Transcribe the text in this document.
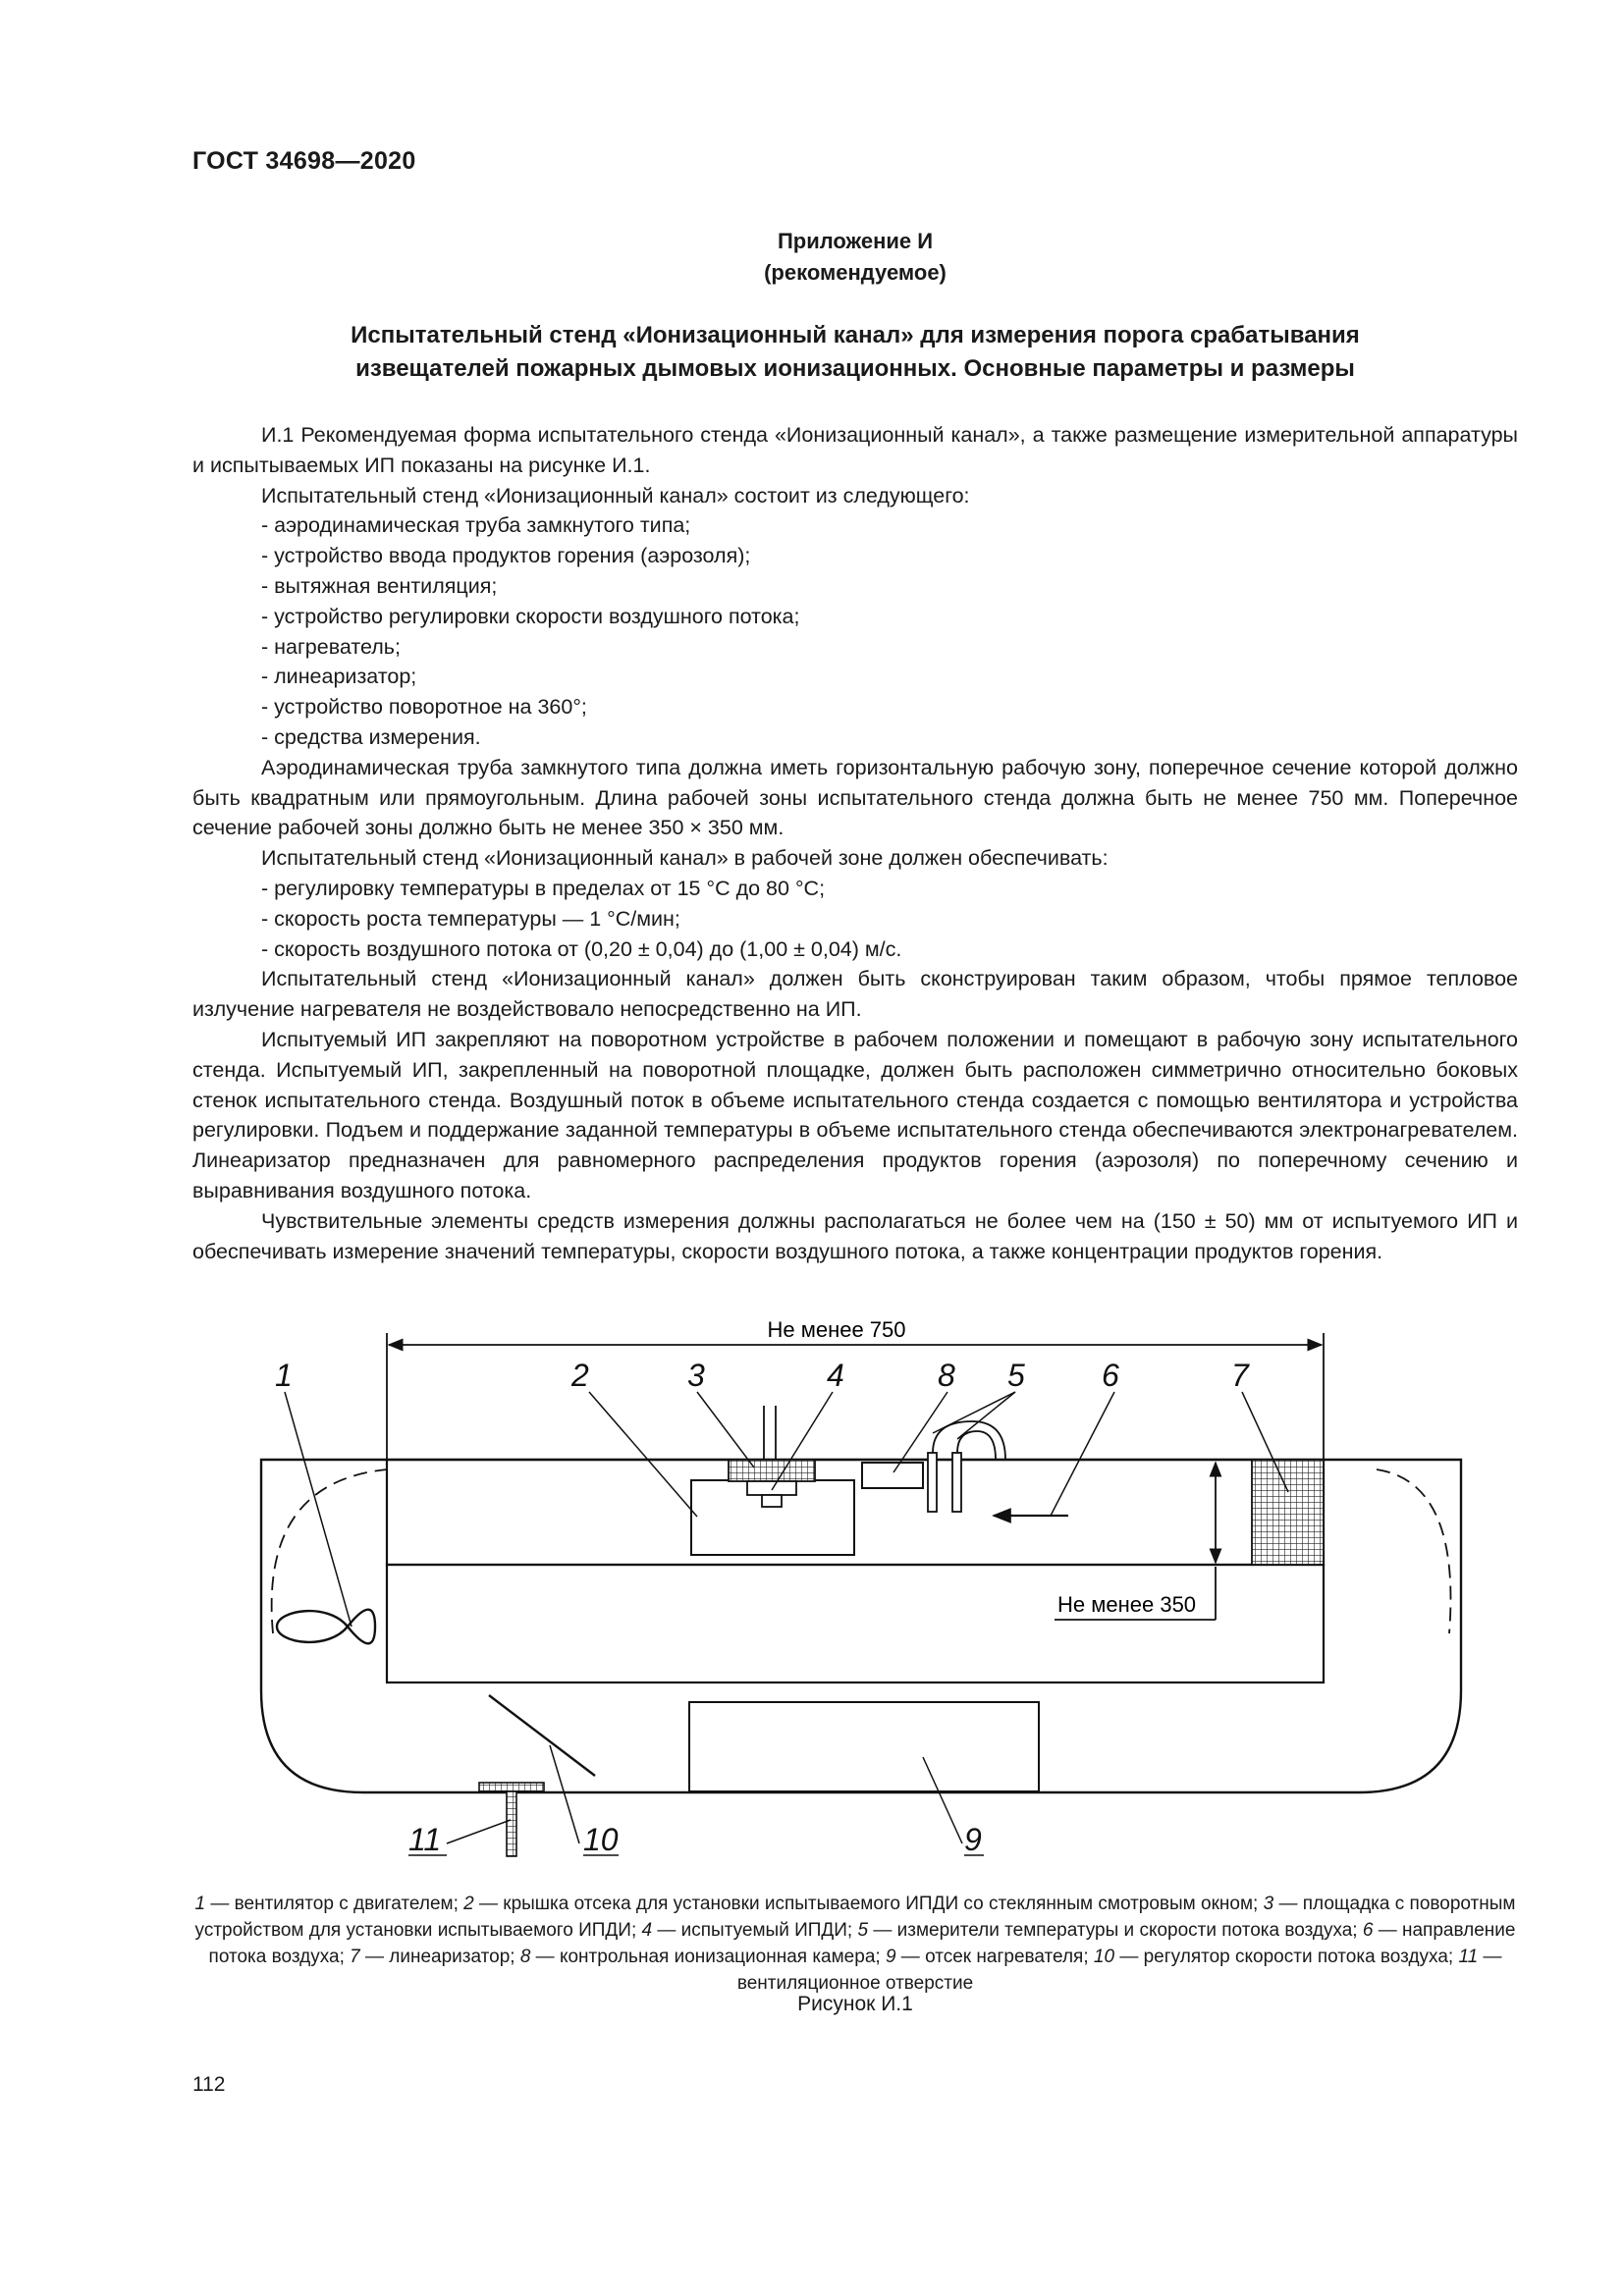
ГОСТ 34698—2020
Приложение И
(рекомендуемое)
Испытательный стенд «Ионизационный канал» для измерения порога срабатывания
извещателей пожарных дымовых ионизационных. Основные параметры и размеры

И.1 Рекомендуемая форма испытательного стенда «Ионизационный канал», а также размещение измерительной аппаратуры и испытываемых ИП показаны на рисунке И.1.

Испытательный стенд «Ионизационный канал» состоит из следующего:

- аэродинамическая труба замкнутого типа;

- устройство ввода продуктов горения (аэрозоля);

- вытяжная вентиляция;

- устройство регулировки скорости воздушного потока;

- нагреватель;

- линеаризатор;

- устройство поворотное на 360°;

- средства измерения.

Аэродинамическая труба замкнутого типа должна иметь горизонтальную рабочую зону, поперечное сечение которой должно быть квадратным или прямоугольным. Длина рабочей зоны испытательного стенда должна быть не менее 750 мм. Поперечное сечение рабочей зоны должно быть не менее 350 × 350 мм.

Испытательный стенд «Ионизационный канал» в рабочей зоне должен обеспечивать:

- регулировку температуры в пределах от 15 °С до 80 °С;

- скорость роста температуры — 1 °С/мин;

- скорость воздушного потока от (0,20 ± 0,04) до (1,00 ± 0,04) м/с.

Испытательный стенд «Ионизационный канал» должен быть сконструирован таким образом, чтобы прямое тепловое излучение нагревателя не воздействовало непосредственно на ИП.

Испытуемый ИП закрепляют на поворотном устройстве в рабочем положении и помещают в рабочую зону испытательного стенда. Испытуемый ИП, закрепленный на поворотной площадке, должен быть расположен симметрично относительно боковых стенок испытательного стенда. Воздушный поток в объеме испытательного стенда создается с помощью вентилятора и устройства регулировки. Подъем и поддержание заданной температуры в объеме испытательного стенда обеспечиваются электронагревателем. Линеаризатор предназначен для равномерного распределения продуктов горения (аэрозоля) по поперечному сечению и выравнивания воздушного потока.

Чувствительные элементы средств измерения должны располагаться не более чем на (150 ± 50) мм от испытуемого ИП и обеспечивать измерение значений температуры, скорости воздушного потока, а также концентрации продуктов горения.

Не менее 750
Не менее 350
1	2	3	4	8 5 6	7
11	10	9
1 — вентилятор с двигателем; 2 — крышка отсека для установки испытываемого ИПДИ со стеклянным смотровым окном; 3 — площадка с поворотным устройством для установки испытываемого ИПДИ; 4 — испытуемый ИПДИ; 5 — измерители температуры и скорости потока воздуха; 6 — направление потока воздуха; 7 — линеаризатор; 8 — контрольная ионизационная камера; 9 — отсек нагревателя; 10 — регулятор скорости потока воздуха; 11 — вентиляционное отверстие
Рисунок И.1
112
